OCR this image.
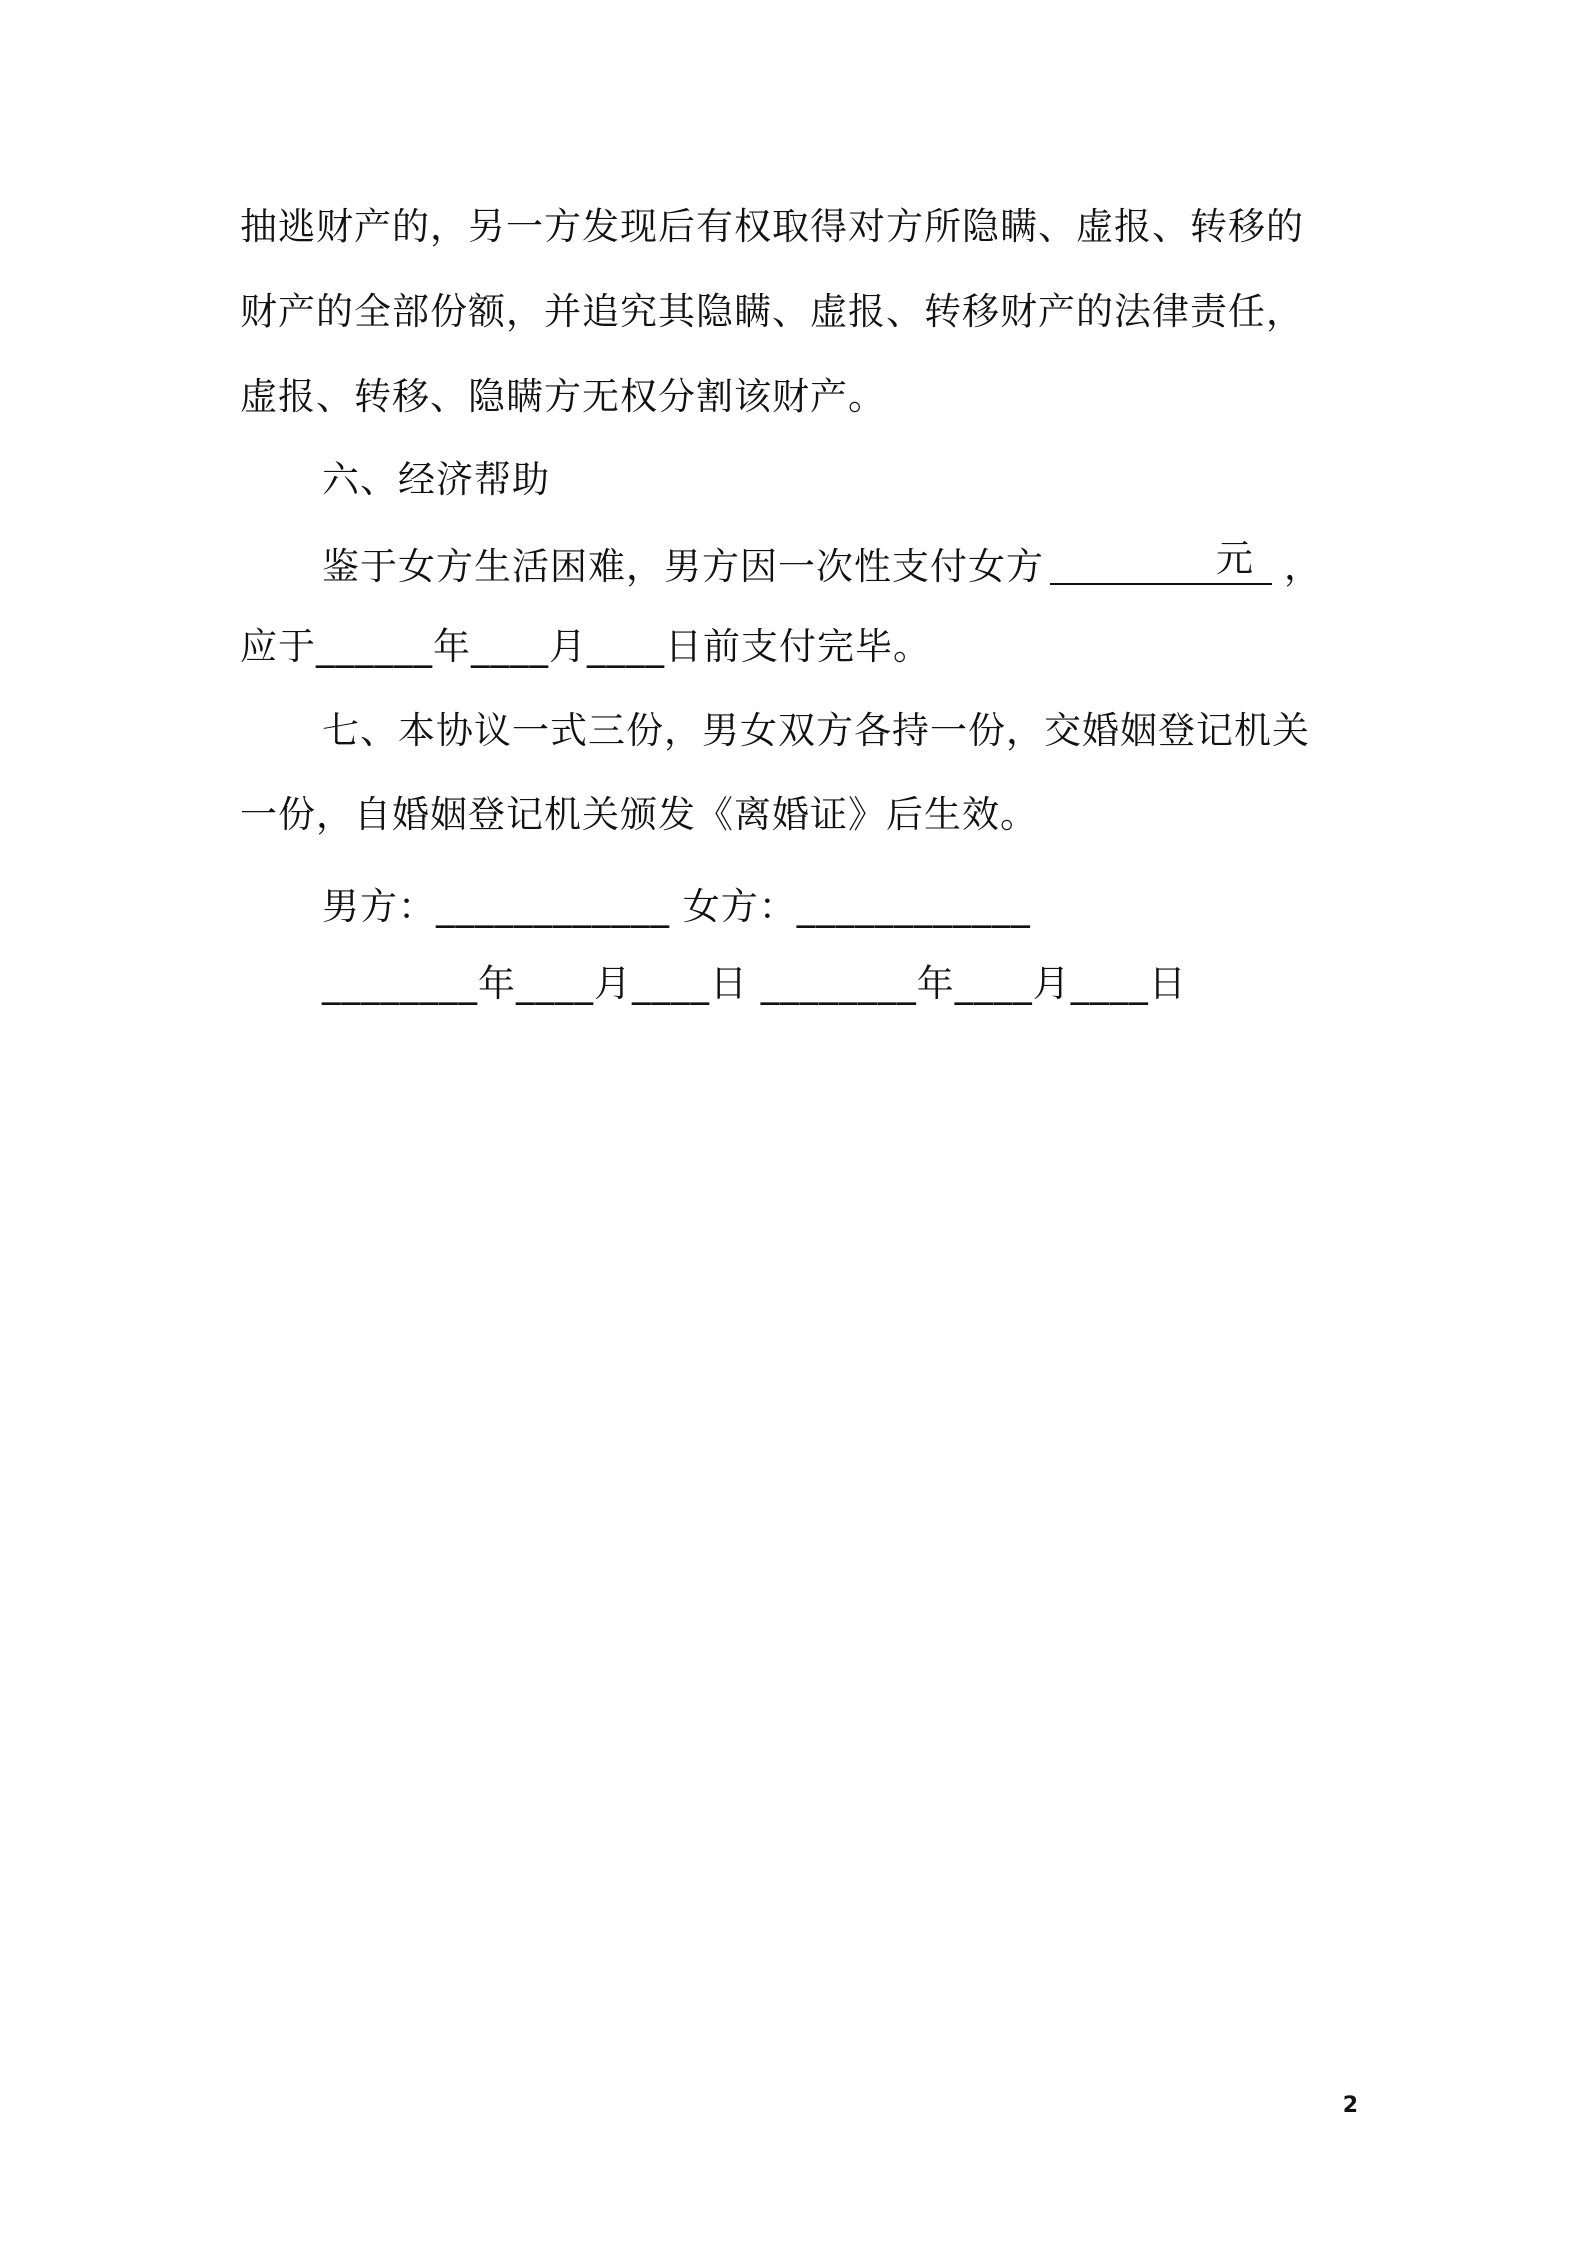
抽逃财产的，另一方发现后有权取得对方所隐瞒、虚报、转移的
财产的全部份额，并追究其隐瞒、虚报、转移财产的法律责任，
虚报、转移、隐瞒方无权分割该财产。
六、经济帮助
鉴于女方生活困难，男方因一次性支付女方	元 ，
应于______年____月____日前支付完毕。
七、本协议一式三份，男女双方各持一份，交婚姻登记机关
一份，自婚姻登记机关颁发《离婚证》后生效。
男方：____________ 女方：____________
________年____月____日 ________年____月____日
2
